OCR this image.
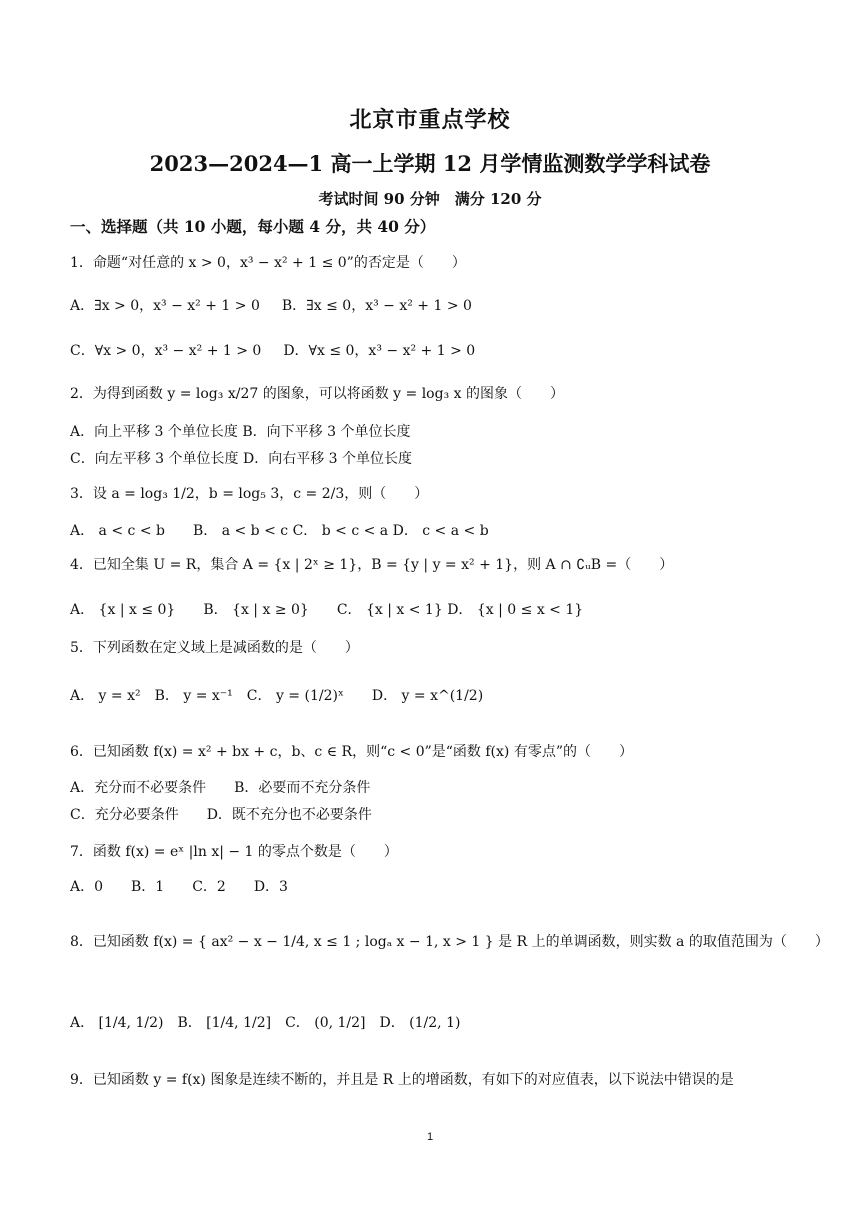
北京市重点学校
2023—2024—1 高一上学期 12 月学情监测数学学科试卷
考试时间 90 分钟　满分 120 分
一、选择题（共 10 小题，每小题 4 分，共 40 分）
1．命题“对任意的 x > 0，x³ − x² + 1 ≤ 0”的否定是（　　）
A．∃x > 0，x³ − x² + 1 > 0 B．∃x ≤ 0，x³ − x² + 1 > 0
C．∀x > 0，x³ − x² + 1 > 0 D．∀x ≤ 0，x³ − x² + 1 > 0
2．为得到函数 y = log₃ x/27 的图象，可以将函数 y = log₃ x 的图象（　　）
A．向上平移 3 个单位长度 B．向下平移 3 个单位长度
C．向左平移 3 个单位长度 D．向右平移 3 个单位长度
3．设 a = log₃ 1/2，b = log₅ 3，c = 2/3，则（　　）
A． a < c < b　　B． a < b < c C． b < c < a D． c < a < b
4．已知全集 U = R，集合 A = {x | 2ˣ ≥ 1}，B = {y | y = x² + 1}，则 A ∩ ∁ᵤB =（　　）
A． {x | x ≤ 0}　　B． {x | x ≥ 0}　　C． {x | x < 1} D． {x | 0 ≤ x < 1}
5．下列函数在定义域上是减函数的是（　　）
A． y = x²　B． y = x⁻¹　C． y = (1/2)ˣ　　D． y = x^(1/2)
6．已知函数 f(x) = x² + bx + c，b、c ∈ R，则“c < 0”是“函数 f(x) 有零点”的（　　）
A．充分而不必要条件　　B．必要而不充分条件
C．充分必要条件　　D．既不充分也不必要条件
7．函数 f(x) = eˣ |ln x| − 1 的零点个数是（　　）
A．0　　B．1　　C．2　　D．3
8．已知函数 f(x) = { ax² − x − 1/4, x ≤ 1 ; logₐ x − 1, x > 1 } 是 R 上的单调函数，则实数 a 的取值范围为（　　）
A． [1/4, 1/2)　B． [1/4, 1/2]　C． (0, 1/2]　D． (1/2, 1)
9．已知函数 y = f(x) 图象是连续不断的，并且是 R 上的增函数，有如下的对应值表，以下说法中错误的是
1
